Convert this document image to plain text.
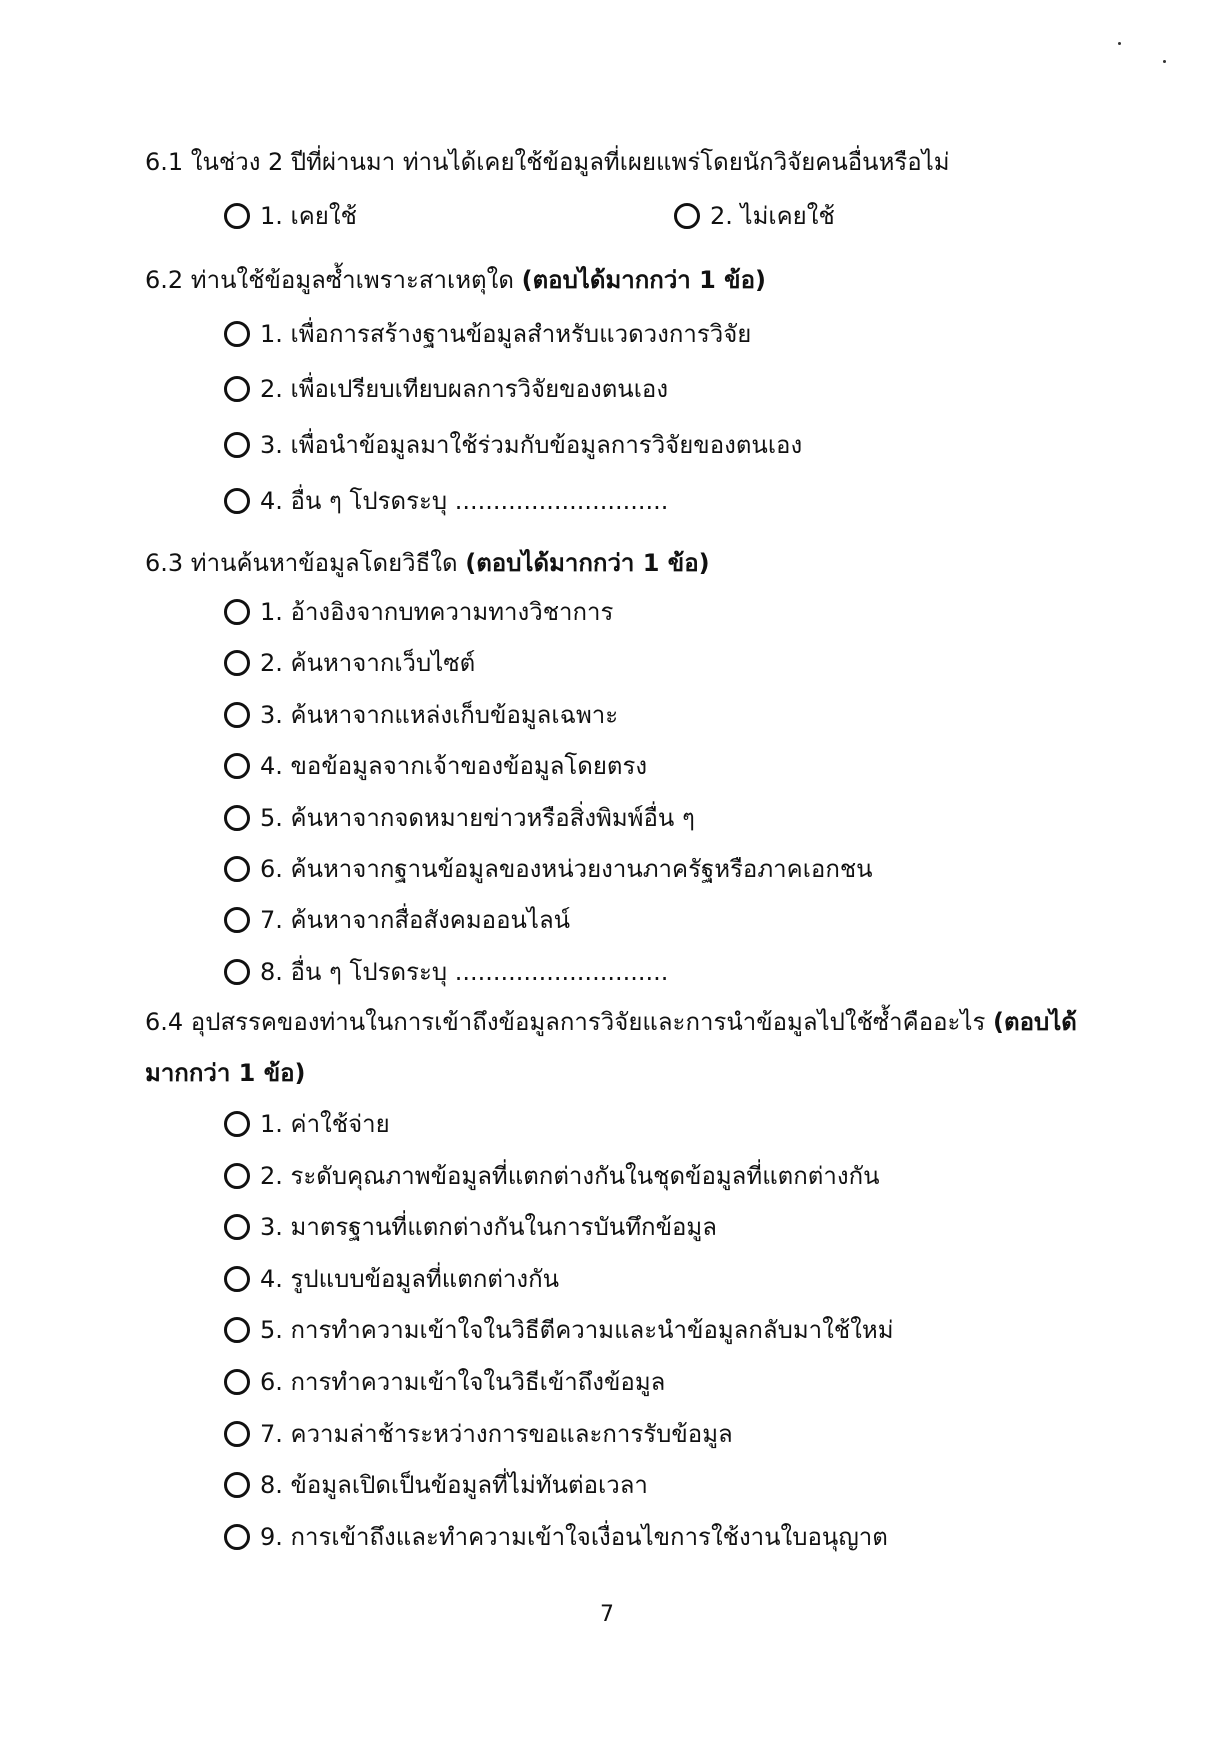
6.1 ในช่วง 2 ปีที่ผ่านมา ท่านได้เคยใช้ข้อมูลที่เผยแพร่โดยนักวิจัยคนอื่นหรือไม่
1. เคยใช้	2. ไม่เคยใช้
6.2 ท่านใช้ข้อมูลซ้ำเพราะสาเหตุใด (ตอบได้มากกว่า 1 ข้อ)
1. เพื่อการสร้างฐานข้อมูลสำหรับแวดวงการวิจัย
2. เพื่อเปรียบเทียบผลการวิจัยของตนเอง
3. เพื่อนำข้อมูลมาใช้ร่วมกับข้อมูลการวิจัยของตนเอง
4. อื่น ๆ โปรดระบุ ............................
6.3 ท่านค้นหาข้อมูลโดยวิธีใด (ตอบได้มากกว่า 1 ข้อ)
1. อ้างอิงจากบทความทางวิชาการ
2. ค้นหาจากเว็บไซต์
3. ค้นหาจากแหล่งเก็บข้อมูลเฉพาะ
4. ขอข้อมูลจากเจ้าของข้อมูลโดยตรง
5. ค้นหาจากจดหมายข่าวหรือสิ่งพิมพ์อื่น ๆ
6. ค้นหาจากฐานข้อมูลของหน่วยงานภาครัฐหรือภาคเอกชน
7. ค้นหาจากสื่อสังคมออนไลน์
8. อื่น ๆ โปรดระบุ ............................
6.4 อุปสรรคของท่านในการเข้าถึงข้อมูลการวิจัยและการนำข้อมูลไปใช้ซ้ำคืออะไร (ตอบได้
มากกว่า 1 ข้อ)
1. ค่าใช้จ่าย
2. ระดับคุณภาพข้อมูลที่แตกต่างกันในชุดข้อมูลที่แตกต่างกัน
3. มาตรฐานที่แตกต่างกันในการบันทึกข้อมูล
4. รูปแบบข้อมูลที่แตกต่างกัน
5. การทำความเข้าใจในวิธีตีความและนำข้อมูลกลับมาใช้ใหม่
6. การทำความเข้าใจในวิธีเข้าถึงข้อมูล
7. ความล่าช้าระหว่างการขอและการรับข้อมูล
8. ข้อมูลเปิดเป็นข้อมูลที่ไม่ทันต่อเวลา
9. การเข้าถึงและทำความเข้าใจเงื่อนไขการใช้งานใบอนุญาต
7
